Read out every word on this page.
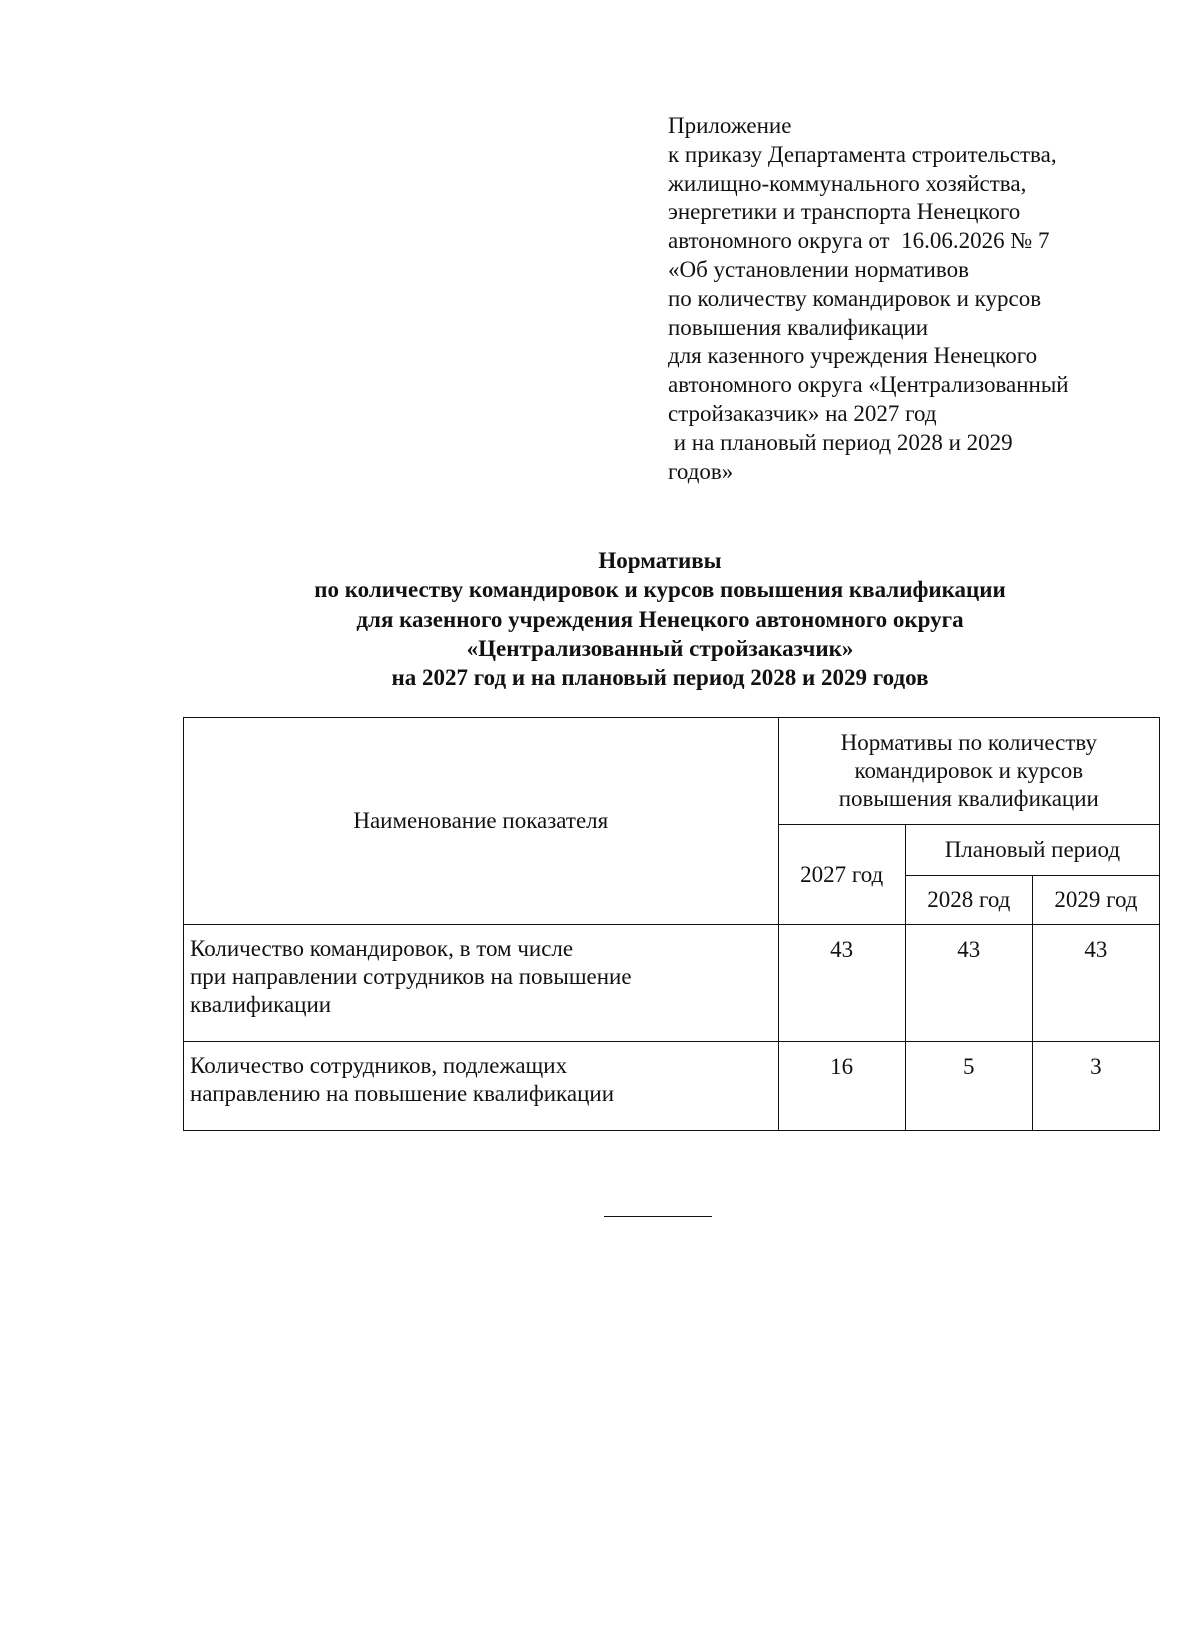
Приложение
к приказу Департамента строительства,
жилищно-коммунального хозяйства,
энергетики и транспорта Ненецкого
автономного округа от  16.06.2026 № 7
«Об установлении нормативов
по количеству командировок и курсов
повышения квалификации
для казенного учреждения Ненецкого
автономного округа «Централизованный
стройзаказчик» на 2027 год
и на плановый период 2028 и 2029
годов»
Нормативы
по количеству командировок и курсов повышения квалификации
для казенного учреждения Ненецкого автономного округа
«Централизованный стройзаказчик»
на 2027 год и на плановый период 2028 и 2029 годов
Наименование показателя	Нормативы по количеству
командировок и курсов
повышения квалификации		

	2027 год	Плановый период	
		2028 год	2029 год

Количество командировок, в том числе
при направлении сотрудников на повышение
квалификации	43	43	43

Количество сотрудников, подлежащих
направлению на повышение квалификации	16	5	3
